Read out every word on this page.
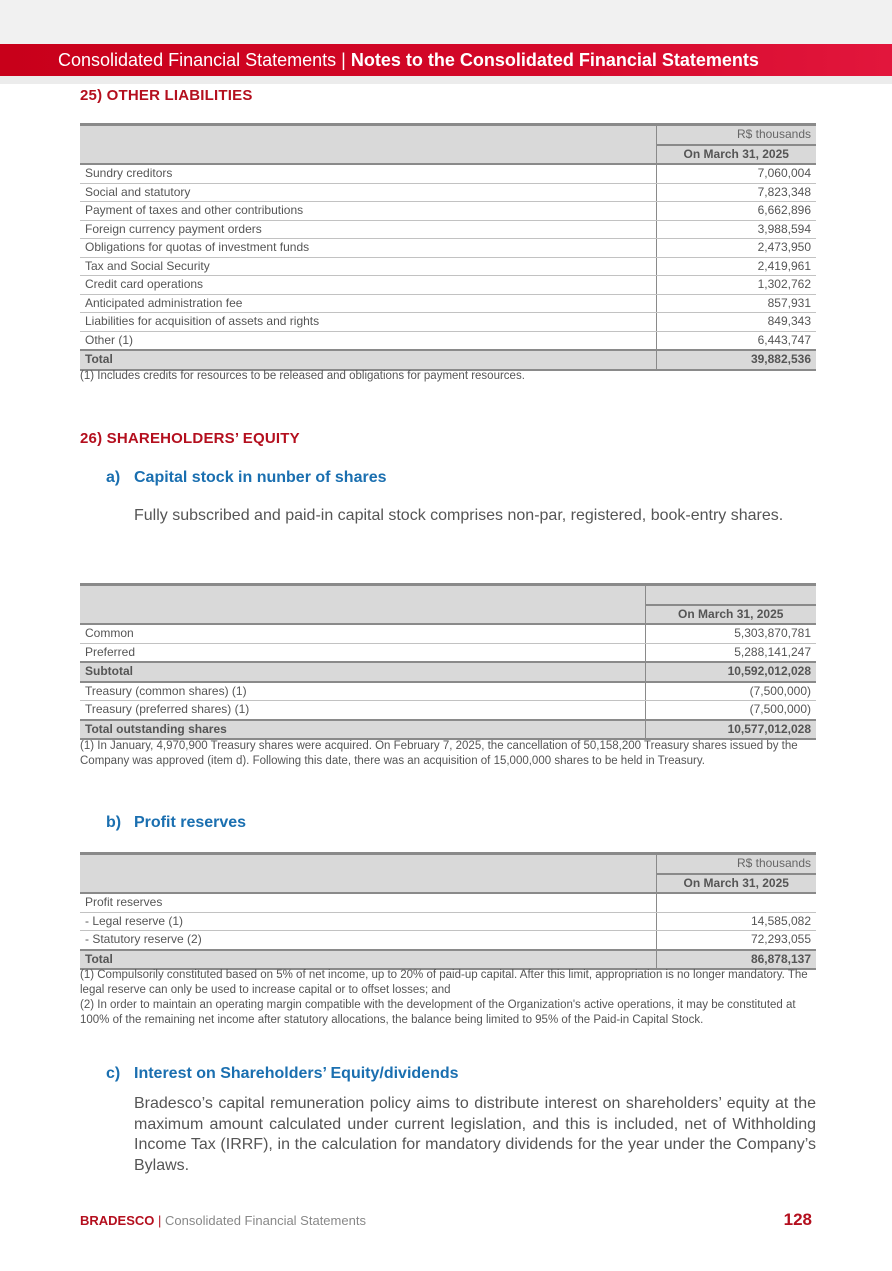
Consolidated Financial Statements | Notes to the Consolidated Financial Statements
25) OTHER LIABILITIES
	R$ thousands
	On March 31, 2025
Sundry creditors	7,060,004
Social and statutory	7,823,348
Payment of taxes and other contributions	6,662,896
Foreign currency payment orders	3,988,594
Obligations for quotas of investment funds	2,473,950
Tax and Social Security	2,419,961
Credit card operations	1,302,762
Anticipated administration fee	857,931
Liabilities for acquisition of assets and rights	849,343
Other (1)	6,443,747
Total	39,882,536
(1) Includes credits for resources to be released and obligations for payment resources.
26) SHAREHOLDERS’ EQUITY
a) Capital stock in nunber of shares
Fully subscribed and paid-in capital stock comprises non-par, registered, book-entry shares.

	On March 31, 2025
Common	5,303,870,781
Preferred	5,288,141,247
Subtotal	10,592,012,028
Treasury (common shares) (1)	(7,500,000)
Treasury (preferred shares) (1)	(7,500,000)
Total outstanding shares	10,577,012,028
(1) In January, 4,970,900 Treasury shares were acquired. On February 7, 2025, the cancellation of 50,158,200 Treasury shares issued by the Company was approved (item d). Following this date, there was an acquisition of 15,000,000 shares to be held in Treasury.
b) Profit reserves
	R$ thousands
	On March 31, 2025
Profit reserves	
- Legal reserve (1)	14,585,082
- Statutory reserve (2)	72,293,055
Total	86,878,137
(1) Compulsorily constituted based on 5% of net income, up to 20% of paid-up capital. After this limit, appropriation is no longer mandatory. The legal reserve can only be used to increase capital or to offset losses; and
(2) In order to maintain an operating margin compatible with the development of the Organization's active operations, it may be constituted at 100% of the remaining net income after statutory allocations, the balance being limited to 95% of the Paid-in Capital Stock.
c) Interest on Shareholders’ Equity/dividends
Bradesco’s capital remuneration policy aims to distribute interest on shareholders’ equity at the maximum amount calculated under current legislation, and this is included, net of Withholding Income Tax (IRRF), in the calculation for mandatory dividends for the year under the Company’s Bylaws.
BRADESCO | Consolidated Financial Statements	128
